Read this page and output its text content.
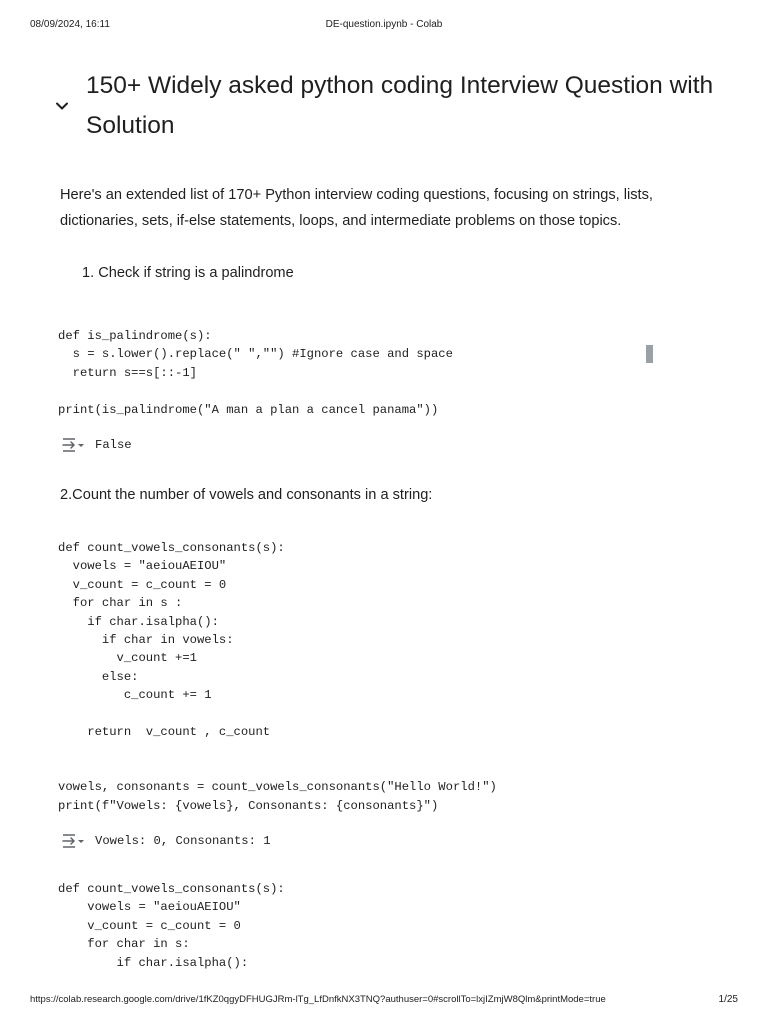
08/09/2024, 16:11	DE-question.ipynb - Colab
150+ Widely asked python coding Interview Question with Solution

Here's an extended list of 170+ Python interview coding questions, focusing on strings, lists, dictionaries, sets, if-else statements, loops, and intermediate problems on those topics.

1. Check if string is a palindrome

def is_palindrome(s):
s = s.lower().replace(" ","") #Ignore case and space
return s==s[::-1]

print(is_palindrome("A man a plan a cancel panama"))
False

2.Count the number of vowels and consonants in a string:

def count_vowels_consonants(s):
vowels = "aeiouAEIOU"
v_count = c_count = 0
for char in s :
if char.isalpha():
if char in vowels:
v_count +=1
else:
c_count += 1

return  v_count , c_count

vowels, consonants = count_vowels_consonants("Hello World!")
print(f"Vowels: {vowels}, Consonants: {consonants}")
Vowels: 0, Consonants: 1
def count_vowels_consonants(s):
vowels = "aeiouAEIOU"
v_count = c_count = 0
for char in s:
if char.isalpha():
https://colab.research.google.com/drive/1fKZ0qgyDFHUGJRm-lTg_LfDnfkNX3TNQ?authuser=0#scrollTo=lxjIZmjW8Qlm&printMode=true	1/25
